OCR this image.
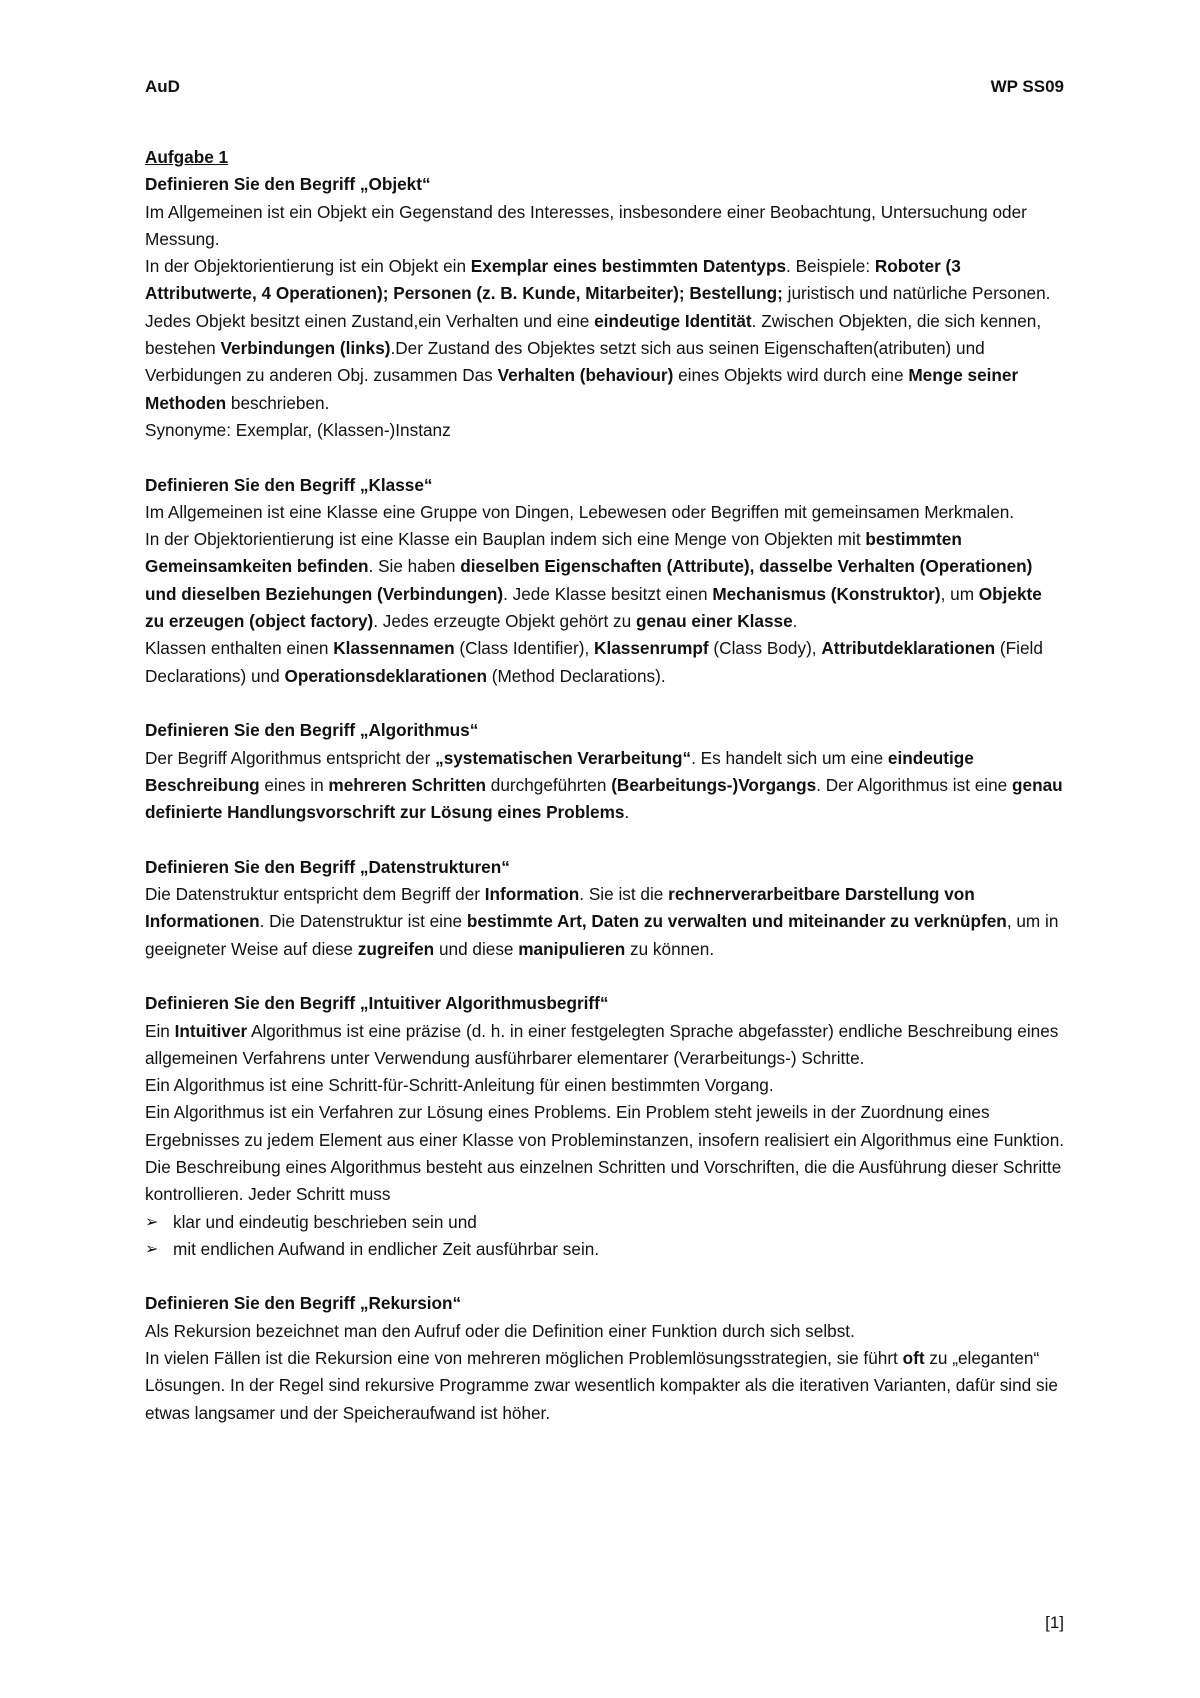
AuD	WP SS09

Aufgabe 1

Definieren Sie den Begriff „Objekt“

Im Allgemeinen ist ein Objekt ein Gegenstand des Interesses, insbesondere einer Beobachtung, Untersuchung oder Messung.

In der Objektorientierung ist ein Objekt ein Exemplar eines bestimmten Datentyps. Beispiele: Roboter (3 Attributwerte, 4 Operationen); Personen (z. B. Kunde, Mitarbeiter); Bestellung; juristisch und natürliche Personen.

Jedes Objekt besitzt einen Zustand,ein Verhalten und eine eindeutige Identität. Zwischen Objekten, die sich kennen, bestehen Verbindungen (links).Der Zustand des Objektes setzt sich aus seinen Eigenschaften(atributen) und Verbidungen zu anderen Obj. zusammen Das Verhalten (behaviour) eines Objekts wird durch eine Menge seiner Methoden beschrieben.

Synonyme: Exemplar, (Klassen-)Instanz

Definieren Sie den Begriff „Klasse“

Im Allgemeinen ist eine Klasse eine Gruppe von Dingen, Lebewesen oder Begriffen mit gemeinsamen Merkmalen.

In der Objektorientierung ist eine Klasse ein Bauplan indem sich eine Menge von Objekten mit bestimmten Gemeinsamkeiten befinden. Sie haben dieselben Eigenschaften (Attribute), dasselbe Verhalten (Operationen) und dieselben Beziehungen (Verbindungen). Jede Klasse besitzt einen Mechanismus (Konstruktor), um Objekte zu erzeugen (object factory). Jedes erzeugte Objekt gehört zu genau einer Klasse.

Klassen enthalten einen Klassennamen (Class Identifier), Klassenrumpf (Class Body), Attributdeklarationen (Field Declarations) und Operationsdeklarationen (Method Declarations).

Definieren Sie den Begriff „Algorithmus“

Der Begriff Algorithmus entspricht der „systematischen Verarbeitung“. Es handelt sich um eine eindeutige Beschreibung eines in mehreren Schritten durchgeführten (Bearbeitungs-)Vorgangs. Der Algorithmus ist eine genau definierte Handlungsvorschrift zur Lösung eines Problems.

Definieren Sie den Begriff „Datenstrukturen“

Die Datenstruktur entspricht dem Begriff der Information. Sie ist die rechnerverarbeitbare Darstellung von Informationen. Die Datenstruktur ist eine bestimmte Art, Daten zu verwalten und miteinander zu verknüpfen, um in geeigneter Weise auf diese zugreifen und diese manipulieren zu können.

Definieren Sie den Begriff „Intuitiver Algorithmusbegriff“

Ein Intuitiver Algorithmus ist eine präzise (d. h. in einer festgelegten Sprache abgefasster) endliche Beschreibung eines allgemeinen Verfahrens unter Verwendung ausführbarer elementarer (Verarbeitungs-) Schritte.

Ein Algorithmus ist eine Schritt-für-Schritt-Anleitung für einen bestimmten Vorgang.

Ein Algorithmus ist ein Verfahren zur Lösung eines Problems. Ein Problem steht jeweils in der Zuordnung eines Ergebnisses zu jedem Element aus einer Klasse von Probleminstanzen, insofern realisiert ein Algorithmus eine Funktion. Die Beschreibung eines Algorithmus besteht aus einzelnen Schritten und Vorschriften, die die Ausführung dieser Schritte kontrollieren. Jeder Schritt muss

➢ klar und eindeutig beschrieben sein und
➢ mit endlichen Aufwand in endlicher Zeit ausführbar sein.

Definieren Sie den Begriff „Rekursion“

Als Rekursion bezeichnet man den Aufruf oder die Definition einer Funktion durch sich selbst.

In vielen Fällen ist die Rekursion eine von mehreren möglichen Problemlösungsstrategien, sie führt oft zu „eleganten“ Lösungen. In der Regel sind rekursive Programme zwar wesentlich kompakter als die iterativen Varianten, dafür sind sie etwas langsamer und der Speicheraufwand ist höher.

[1]
